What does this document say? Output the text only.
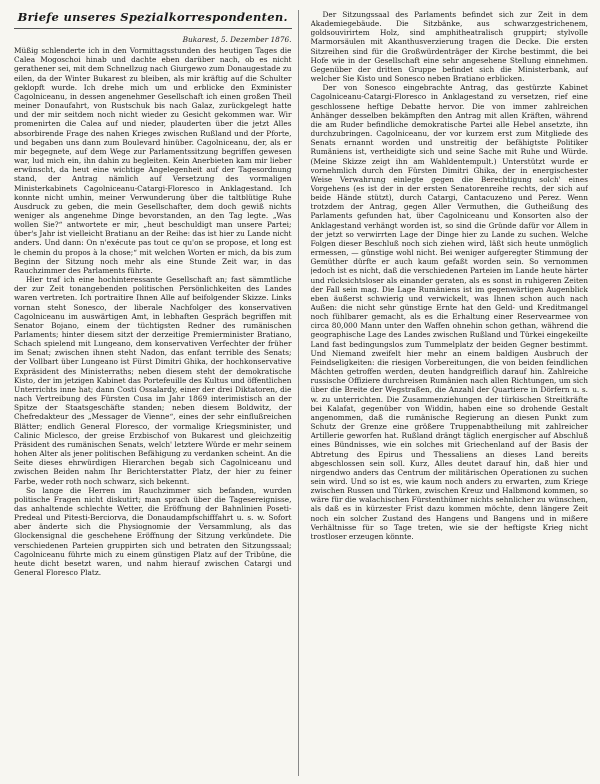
Briefe unseres Spezialkorrespondenten.
Bukarest, 5. Dezember 1876.

Müßig schlenderte ich in den Vormittagsstunden des heutigen Tages die Calea Mogoschoi hinab und dachte eben darüber nach, ob es nicht gerathener sei, mit dem Schnellzug nach Giurgewo zum Donaugestade zu eilen, da der Winter Bukarest zu bleiben, als mir kräftig auf die Schulter geklopft wurde. Ich drehe mich um und erblicke den Exminister Cagolniceanu, in dessen angenehmer Gesellschaft ich einen großen Theil meiner Donaufahrt, von Rustschuk bis nach Galaz, zurückgelegt hatte und der mir seitdem noch nicht wieder zu Gesicht gekommen war. Wir promenirten die Calea auf und nieder, plauderten über die jetzt Alles absorbirende Frage des nahen Krieges zwischen Rußland und der Pforte, und begaben uns dann zum Boulevard hinüber. Cagolniceanu, der, als er mir begegnete, auf dem Wege zur Parlamentssitzung begriffen gewesen war, lud mich ein, ihn dahin zu begleiten. Kein Anerbieten kam mir lieber erwünscht, da heut eine wichtige Angelegenheit auf der Tagesordnung stand, der Antrag nämlich auf Versetzung des vormaligen Ministerkabinets Cagolniceanu-Catargi-Floresco in Anklagestand. Ich konnte nicht umhin, meiner Verwunderung über die taltblütige Ruhe Ausdruck zu geben, die mein Gesellschafter, dem doch gewiß nichts weniger als angenehme Dinge bevorstanden, an den Tag legte. „Was wollen Sie?“ antwortete er mir, „heut beschuldigt man unsere Partei; über's Jahr ist vielleicht Bratianu an der Reihe: das ist hier zu Lande nicht anders. Und dann: On n'exécute pas tout ce qu'on se propose, et long est le chemin du propos à la chose;“ mit welchen Worten er mich, da bis zum Beginn der Sitzung noch mehr als eine Stunde Zeit war, in das Rauchzimmer des Parlaments führte.

Hier traf ich eine hochinteressante Gesellschaft an; fast sämmtliche der zur Zeit tonangebenden politischen Persönlichkeiten des Landes waren vertreten. Ich portraitire Ihnen Alle auf beifolgender Skizze. Links vornan steht Sonesco, der liberale Nachfolger des konservativen Cagolniceanu im auswärtigen Amt, in lebhaften Gespräch begriffen mit Senator Bojano, einem der tüchtigsten Redner des rumänischen Parlaments; hinter diesem sitzt der derzeitige Premierminister Bratiano, Schach spielend mit Lungeano, dem konservativen Verfechter der früher im Senat; zwischen ihnen steht Nadon, das enfant terrible des Senats; der Vollbart über Lungeano ist Fürst Dimitri Ghika, der hochkonservative Expräsident des Ministerraths; neben diesem steht der demokratische Kisto, der im jetzigen Kabinet das Portefeuille des Kultus und öffentlichen Unterrichts inne hat; dann Costi Ossalardy, einer der drei Diktatoren, die nach Vertreibung des Fürsten Cusa im Jahr 1869 interimistisch an der Spitze der Staatsgeschäfte standen; neben diesem Boldwitz, der Chefredakteur des „Messager de Vienne“, eines der sehr einflußreichen Blätter; endlich General Floresco, der vormalige Kriegsminister, und Calinic Miclesco, der greise Erzbischof von Bukarest und gleichzeitig Präsident des rumänischen Senats, welch' letztere Würde er mehr seinem hohen Alter als jener politischen Befähigung zu verdanken scheint. An die Seite dieses ehrwürdigen Hierarchen begab sich Cagolniceanu und zwischen Beiden nahm Ihr Berichterstatter Platz, der hier zu feiner Farbe, weder roth noch schwarz, sich bekennt.

So lange die Herren im Rauchzimmer sich befanden, wurden politische Fragen nicht diskutirt; man sprach über die Tagesereignisse, das anhaltende schlechte Wetter, die Eröffnung der Bahnlinien Poseti-Predeal und Pitesti-Berciorva, die Donaudampfschifffahrt u. s. w. Sofort aber änderte sich die Physiognomie der Versammlung, als das Glockensignal die geschehene Eröffnung der Sitzung verkündete. Die verschiedenen Parteien gruppirten sich und betraten den Sitzungssaal; Cagolniceanu führte mich zu einem günstigen Platz auf der Tribüne, die heute dicht besetzt waren, und nahm hierauf zwischen Catargi und General Floresco Platz.

Der Sitzungssaal des Parlaments befindet sich zur Zeit in dem Akademiegebäude. Die Sitzbänke, aus schwarzgestrichenem, goldsouvirirtem Holz, sind amphitheatralisch gruppirt; stylvolle Marmorsäulen mit Akanthusverzierung tragen die Decke. Die ersten Sitzreihen sind für die Großwürdenträger der Kirche bestimmt, die bei Hofe wie in der Gesellschaft eine sehr angesehene Stellung einnehmen. Gegenüber der dritten Gruppe befindet sich die Ministerbank, auf welcher Sie Kisto und Sonesco neben Bratiano erblicken.

Der von Sonesco eingebrachte Antrag, das gestürzte Kabinet Cagolniceanu-Catargi-Floresco in Anklagestand zu versetzen, rief eine geschlossene heftige Debatte hervor. Die von immer zahlreichen Anhänger desselben bekämpften den Antrag mit allen Kräften, während die am Ruder befindliche demokratische Partei alle Hebel ansetzte, ihn durchzubringen. Cagolniceanu, der vor kurzem erst zum Mitgliede des Senats ernannt worden und unstreitig der befähigtste Politiker Rumäniens ist, vertheidigte sich und seine Sache mit Ruhe und Würde. (Meine Skizze zeigt ihn am Wahldentempult.) Unterstützt wurde er vornehmlich durch den Fürsten Dimitri Ghika, der in energischester Weise Verwahrung einlegte gegen die Berechtigung solch' eines Vorgehens (es ist der in der ersten Senatorenreihe rechts, der sich auf beide Hände stützt), durch Catargi, Cantacuzeno und Perez. Wenn trotzdem der Antrag, gegen Aller Vermuthen, die Gutheißung des Parlaments gefunden hat, über Cagolniceanu und Konsorten also der Anklagestand verhängt worden ist, so sind die Gründe dafür vor Allem in der jetzt so verwirrten Lage der Dinge hier zu Lande zu suchen. Welche Folgen dieser Beschluß noch sich ziehen wird, läßt sich heute unmöglich ermessen, — günstige wohl nicht. Bei weniger aufgeregter Stimmung der Gemüther dürfte er auch kaum gefaßt worden sein. So vernommen jedoch ist es nicht, daß die verschiedenen Parteien im Lande heute härter und rücksichtsloser als einander geraten, als es sonst in ruhigeren Zeiten der Fall sein mag. Die Lage Rumäniens ist im gegenwärtigen Augenblick eben äußerst schwierig und verwickelt, was Ihnen schon auch nach Außen: die nicht sehr günstige Ernte hat den Geld- und Kreditmangel noch fühlbarer gemacht, als es die Erhaltung einer Reservearmee von circa 80,000 Mann unter den Waffen ohnehin schon gethan, während die geographische Lage des Landes zwischen Rußland und Türkei eingekeilte Land fast bedingungslos zum Tummelplatz der beiden Gegner bestimmt. Und Niemand zweifelt hier mehr an einem baldigen Ausbruch der Feindseligkeiten: die riesigen Vorbereitungen, die von beiden feindlichen Mächten getroffen werden, deuten handgreiflich darauf hin. Zahlreiche russische Offiziere durchreisen Rumänien nach allen Richtungen, um sich über die Breite der Wegstraßen, die Anzahl der Quartiere in Dörfern u. s. w. zu unterrichten. Die Zusammenziehungen der türkischen Streitkräfte bei Kalafat, gegenüber von Widdin, haben eine so drohende Gestalt angenommen, daß die rumänische Regierung an diesen Punkt zum Schutz der Grenze eine größere Truppenabtheilung mit zahlreicher Artillerie geworfen hat. Rußland drängt täglich energischer auf Abschluß eines Bündnisses, wie ein solches mit Griechenland auf der Basis der Abtretung des Epirus und Thessaliens an dieses Land bereits abgeschlossen sein soll. Kurz, Alles deutet darauf hin, daß hier und nirgendwo anders das Centrum der militärischen Operationen zu suchen sein wird. Und so ist es, wie kaum noch anders zu erwarten, zum Kriege zwischen Russen und Türken, zwischen Kreuz und Halbmond kommen, so wäre für die walachischen Fürstenthümer nichts sehnlicher zu wünschen, als daß es in kürzester Frist dazu kommen möchte, denn längere Zeit noch ein solcher Zustand des Hangens und Bangens und in mißere Verhältnisse für so Tage treten, wie sie der heftigste Krieg nicht trostloser erzeugen könnte.
